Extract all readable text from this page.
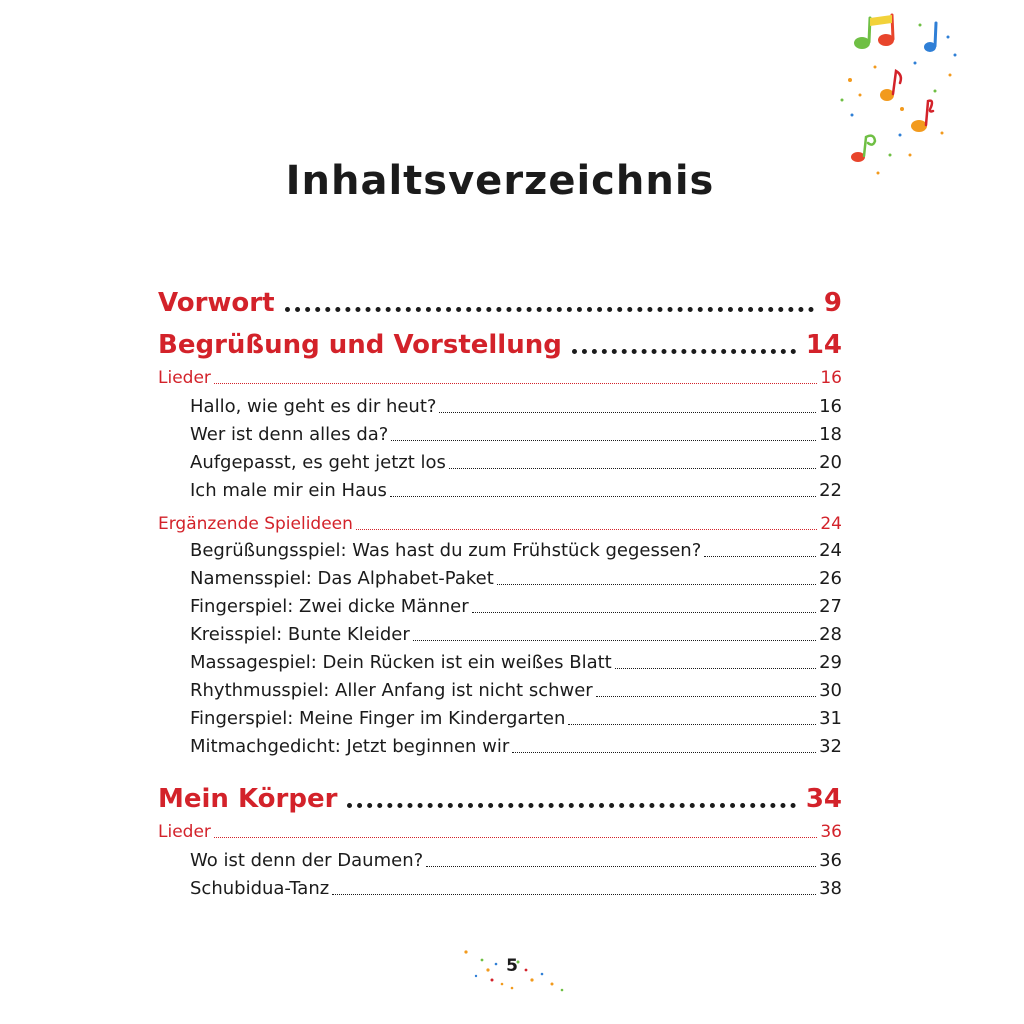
Inhaltsverzeichnis
Vorwort	9
Begrüßung und Vorstellung	14
Lieder	16
Hallo, wie geht es dir heut?	16
Wer ist denn alles da?	18
Aufgepasst, es geht jetzt los	20
Ich male mir ein Haus	22
Ergänzende Spielideen	24
Begrüßungsspiel: Was hast du zum Frühstück gegessen?	24
Namensspiel: Das Alphabet-Paket	26
Fingerspiel: Zwei dicke Männer	27
Kreisspiel: Bunte Kleider	28
Massagespiel: Dein Rücken ist ein weißes Blatt	29
Rhythmusspiel: Aller Anfang ist nicht schwer	30
Fingerspiel: Meine Finger im Kindergarten	31
Mitmachgedicht: Jetzt beginnen wir	32
Mein Körper	34
Lieder	36
Wo ist denn der Daumen?	36
Schubidua-Tanz	38
5
